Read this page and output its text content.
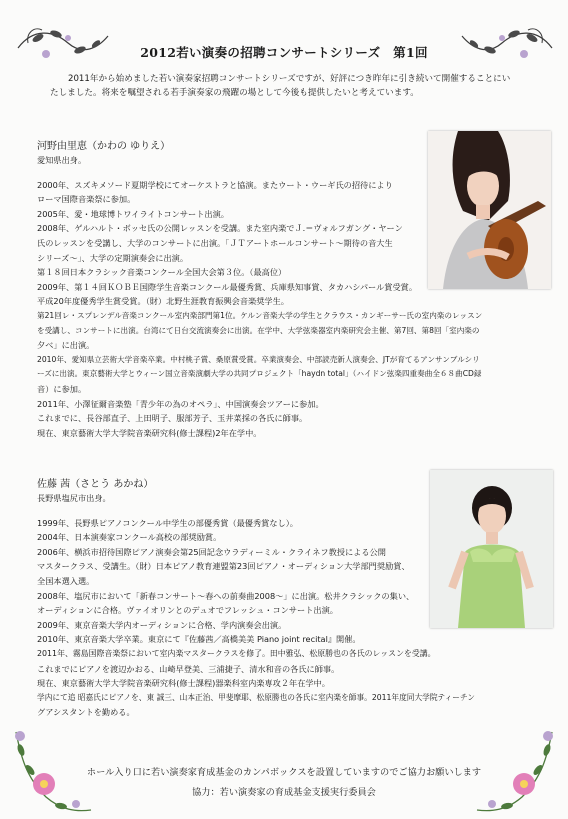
2012若い演奏の招聘コンサートシリーズ　第1回

2011年から始めました若い演奏家招聘コンサートシリーズですが、好評につき昨年に引き続いて開催することにい

たしました。将来を嘱望される若手演奏家の飛躍の場として今後も提供したいと考えています。

河野由里恵（かわの ゆりえ）

愛知県出身。

2000年、スズキメソード夏期学校にてオーケストラと協演。またウート・ウーギ氏の招待により

ローマ国際音楽祭に参加。

2005年、愛・地球博トワイライトコンサート出演。

2008年、ゲルハルト・ボッセ氏の公開レッスンを受講。また室内楽でＪ.＝ヴォルフガング・ヤーン

氏のレッスンを受講し、大学のコンサートに出演。「ＪＴアートホールコンサート～期待の音大生

シリーズ～」、大学の定期演奏会に出演。

第１８回日本クラシック音楽コンクール全国大会第３位。（最高位）

2009年、第１４回ＫＯＢＥ国際学生音楽コンクール最優秀賞、兵庫県知事賞、タカハシパール賞受賞。

平成20年度優秀学生賞受賞。（財）北野生涯教育振興会音楽奨学生。

第21回レ・スプレンデル音楽コンクール室内楽部門第1位。ケルン音楽大学の学生とクラウス・カンギーサー氏の室内楽のレッスン

を受講し、コンサートに出演。台湾にて日台交流演奏会に出演。在学中、大学弦楽器室内楽研究会主催、第7回、第8回「室内楽の

夕べ」に出演。

2010年、愛知県立芸術大学音楽卒業。中村桃子賞、桑原賞受賞。卒業演奏会、中部読売新人演奏会、JTが育てるアンサンブルシリ

ーズに出演。東京藝術大学とウィーン国立音楽演劇大学の共同プロジェクト「haydn total」（ハイドン弦楽四重奏曲全６８曲CD録

音）に参加。

2011年、小澤征爾音楽塾「青少年の為のオペラ」、中国演奏会ツアーに参加。

これまでに、長谷部直子、上田明子、服部芳子、玉井菜採の各氏に師事。

現在、東京藝術大学大学院音楽研究科(修士課程)2年在学中。

佐藤 茜（さとう あかね）

長野県塩尻市出身。

1999年、長野県ピアノコンクール中学生の部優秀賞（最優秀賞なし）。

2004年、日本演奏家コンクール高校の部奨励賞。

2006年、横浜市招待国際ピアノ演奏会第25回記念ウラディーミル・クライネフ教授による公開

マスタークラス、受講生。（財）日本ピアノ教育連盟第23回ピアノ・オーディション大学部門奨励賞、

全国本選入選。

2008年、塩尻市において「新春コンサート～春への前奏曲2008～」に出演。松井クラシックの集い、

オーディションに合格。ヴァイオリンとのデュオでフレッシュ・コンサート出演。

2009年、東京音楽大学内オーディションに合格、学内演奏会出演。

2010年、東京音楽大学卒業。東京にて『佐藤茜／高橋美美 Piano joint recital』開催。

2011年、霧島国際音楽祭において室内楽マスタークラスを修了。田中雅弘、松原勝也の各氏のレッスンを受講。

これまでにピアノを渡辺かおる、山崎早登美、三浦捷子、清水和音の各氏に師事。

現在、東京藝術大学大学院音楽研究科(修士課程)器楽科室内楽専攻２年在学中。

学内にて追 昭嘉氏にピアノを、東 誠三、山本正治、甲斐摩耶、松原勝也の各氏に室内楽を師事。2011年度同大学院ティーチン

グアシスタントを勤める。

ホール入り口に若い演奏家育成基金のカンパボックスを設置していますのでご協力お願いします
協力：若い演奏家の育成基金支援実行委員会
